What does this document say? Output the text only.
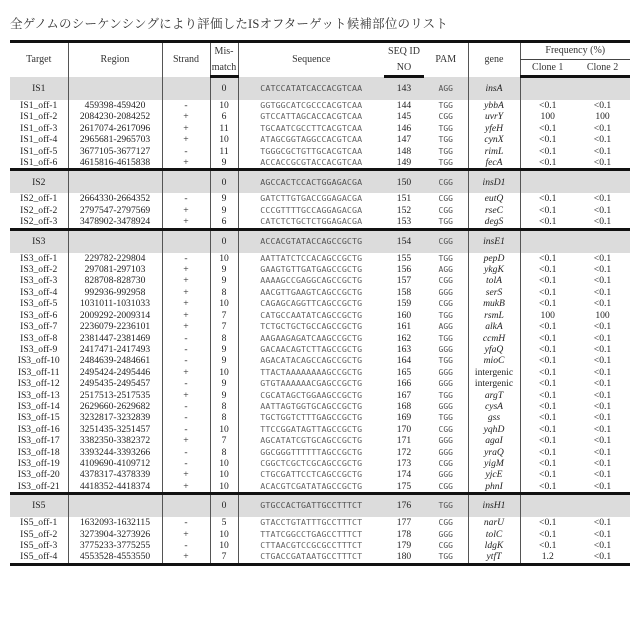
全ゲノムのシーケンシングにより評価したISオフターゲット候補部位のリスト
Target	Region	Strand	Mis-	Sequence	SEQ ID	PAM	gene	Frequency (%)
match	NO	Clone 1	Clone 2
IS1			0	CATCCATATCACCACGTCAA	143	AGG	insA		
IS1_off-1	459398-459420	-	10	GGTGGCATCGCCCACGTCAA	144	TGG	ybbA	<0.1	<0.1
IS1_off-2	2084230-2084252	+	6	GTCCATTAGCACCACGTCAA	145	CGG	uvrY	100	100
IS1_off-3	2617074-2617096	+	11	TGCAATCGCCTTCACGTCAA	146	TGG	yfeH	<0.1	<0.1
IS1_off-4	2965681-2965703	+	10	ATAGCGGTAGGCCACGTCAA	147	TGG	cynX	<0.1	<0.1
IS1_off-5	3677105-3677127	-	11	TGGGCGCTGTTGCACGTCAA	148	TGG	rimL	<0.1	<0.1
IS1_off-6	4615816-4615838	+	9	ACCACCGCGTACCACGTCAA	149	TGG	fecA	<0.1	<0.1
IS2			0	AGCCACTCCACTGGAGACGA	150	CGG	insD1		
IS2_off-1	2664330-2664352	-	9	GATCTTGTGACCGGAGACGA	151	CGG	eutQ	<0.1	<0.1
IS2_off-2	2797547-2797569	+	9	CCCGTTTTGCCAGGAGACGA	152	CGG	rseC	<0.1	<0.1
IS2_off-3	3478902-3478924	+	6	CATCTCTGCTCTGGAGACGA	153	TGG	degS	<0.1	<0.1
IS3			0	ACCACGTATACCAGCCGCTG	154	CGG	insE1		
IS3_off-1	229782-229804	-	10	AATTATCTCCACAGCCGCTG	155	TGG	pepD	<0.1	<0.1
IS3_off-2	297081-297103	+	9	GAAGTGTTGATGAGCCGCTG	156	AGG	ykgK	<0.1	<0.1
IS3_off-3	828708-828730	+	9	AAAAGCCGAGGCAGCCGCTG	157	CGG	tolA	<0.1	<0.1
IS3_off-4	992936-992958	+	8	AACGTTGAAGTCAGCCGCTG	158	GGG	serS	<0.1	<0.1
IS3_off-5	1031011-1031033	+	10	CAGAGCAGGTTCAGCCGCTG	159	CGG	mukB	<0.1	<0.1
IS3_off-6	2009292-2009314	+	7	CATGCCAATATCAGCCGCTG	160	TGG	rsmL	100	100
IS3_off-7	2236079-2236101	+	7	TCTGCTGCTGCCAGCCGCTG	161	AGG	alkA	<0.1	<0.1
IS3_off-8	2381447-2381469	-	8	AAGAAGAGATCAAGCCGCTG	162	TGG	ccmH	<0.1	<0.1
IS3_off-9	2417471-2417493	-	9	GACAACAGTCTTAGCCGCTG	163	GGG	yfaQ	<0.1	<0.1
IS3_off-10	2484639-2484661	-	9	AGACATACAGCCAGCCGCTG	164	TGG	mioC	<0.1	<0.1
IS3_off-11	2495424-2495446	+	10	TTACTAAAAAAAAGCCGCTG	165	GGG	intergenic	<0.1	<0.1
IS3_off-12	2495435-2495457	-	9	GTGTAAAAAACGAGCCGCTG	166	GGG	intergenic	<0.1	<0.1
IS3_off-13	2517513-2517535	+	9	CGCATAGCTGGAAGCCGCTG	167	TGG	argT	<0.1	<0.1
IS3_off-14	2629660-2629682	-	8	AATTAGTGGTGCAGCCGCTG	168	GGG	cysA	<0.1	<0.1
IS3_off-15	3232817-3232839	-	8	TGCTGGTCTTTGAGCCGCTG	169	TGG	gss	<0.1	<0.1
IS3_off-16	3251435-3251457	-	10	TTCCGGATAGTTAGCCGCTG	170	CGG	yqhD	<0.1	<0.1
IS3_off-17	3382350-3382372	+	7	AGCATATCGTGCAGCCGCTG	171	GGG	agaI	<0.1	<0.1
IS3_off-18	3393244-3393266	-	8	GGCGGGTTTTTTAGCCGCTG	172	GGG	yraQ	<0.1	<0.1
IS3_off-19	4109690-4109712	-	10	CGGCTCGCTCGCAGCCGCTG	173	CGG	yigM	<0.1	<0.1
IS3_off-20	4378317-4378339	+	10	CTGCGATTCCTCAGCCGCTG	174	GGG	yjcE	<0.1	<0.1
IS3_off-21	4418352-4418374	+	10	ACACGTCGATATAGCCGCTG	175	CGG	phnI	<0.1	<0.1
IS5			0	GTGCCACTGATTGCCTTTCT	176	TGG	insH1		
IS5_off-1	1632093-1632115	-	5	GTACCTGTATTTGCCTTTCT	177	CGG	narU	<0.1	<0.1
IS5_off-2	3273904-3273926	+	10	TTATCGGCCTGAGCCTTTCT	178	GGG	tolC	<0.1	<0.1
IS5_off-3	3775233-3775255	-	10	CTTAACGTCCGCGCCTTTCT	179	CGG	ldgK	<0.1	<0.1
IS5_off-4	4553528-4553550	+	7	CTGACCGATAATGCCTTTCT	180	TGG	ytfT	1.2	<0.1
